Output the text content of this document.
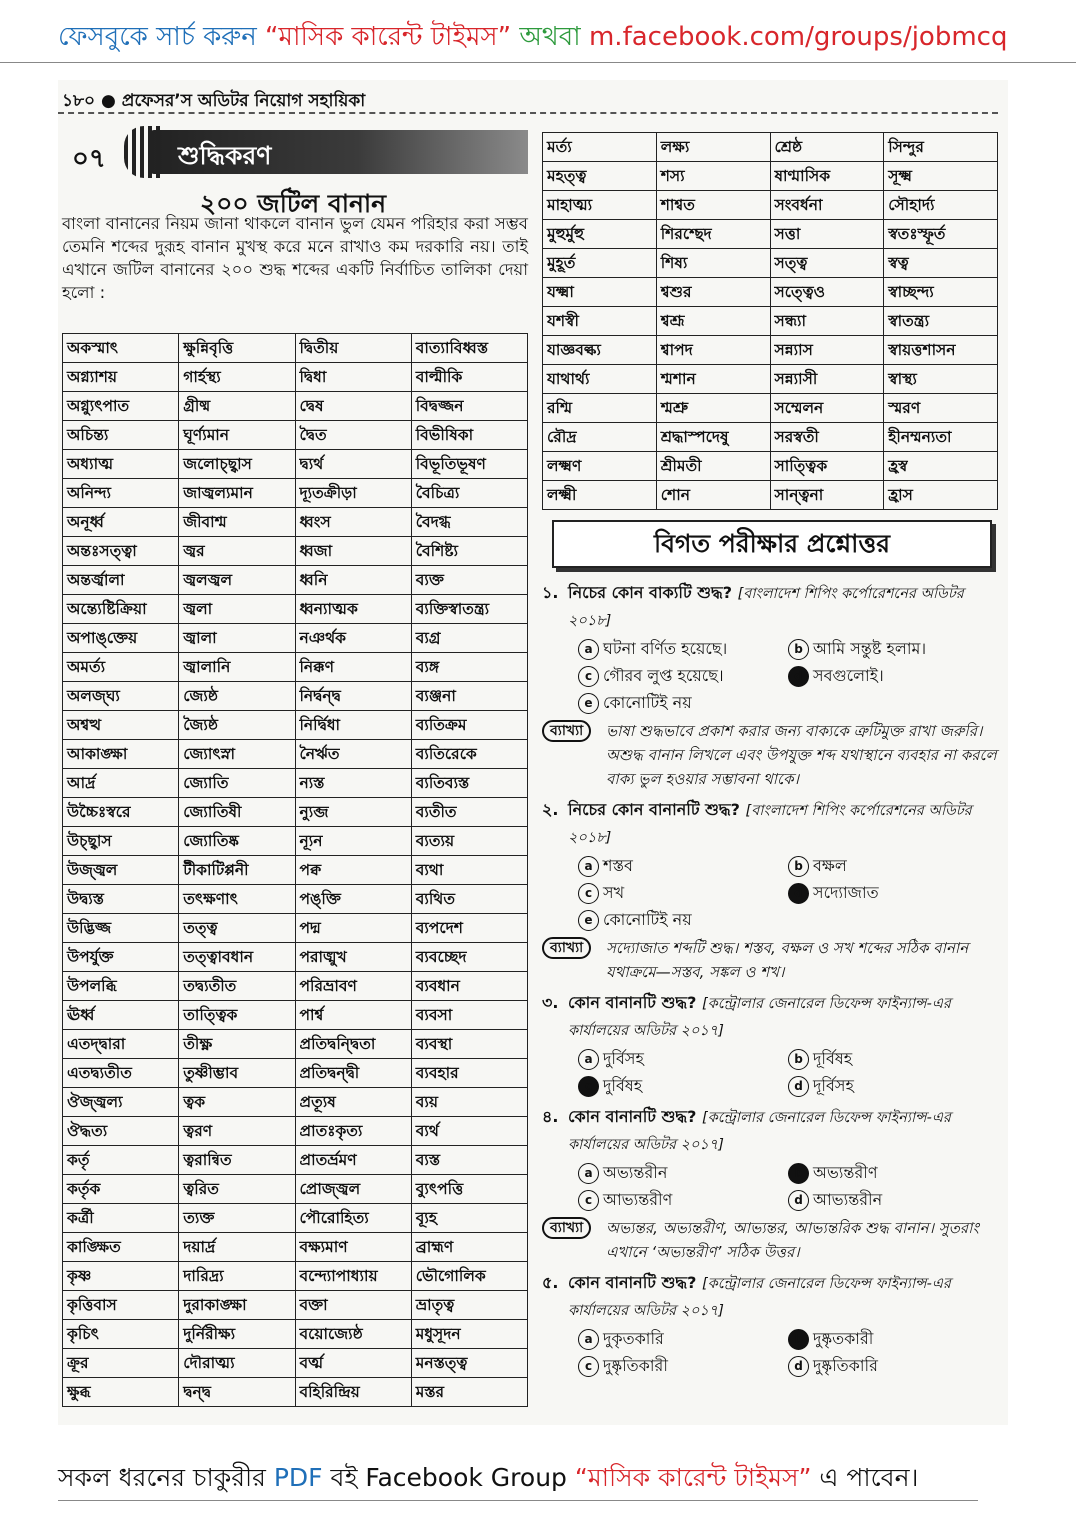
ফেসবুকে সার্চ করুন “মাসিক কারেন্ট টাইমস” অথবা m.facebook.com/groups/jobmcq
১৮০ ● প্রফেসর’স অডিটর নিয়োগ সহায়িকা
০৭	শুদ্ধিকরণ
২০০ জটিল বানান
বাংলা বানানের নিয়ম জানা থাকলে বানান ভুল যেমন পরিহার করা সম্ভব তেমনি শব্দের দুরূহ বানান মুখস্থ করে মনে রাখাও কম দরকারি নয়। তাই এখানে জটিল বানানের ২০০ শুদ্ধ শব্দের একটি নির্বাচিত তালিকা দেয়া হলো :
অকস্মাৎ	ক্ষুন্নিবৃত্তি	দ্বিতীয়	বাত্যাবিধ্বস্ত
অগ্ন্যাশয়	গার্হস্থ্য	দ্বিধা	বাল্মীকি
অগ্ন্যুৎপাত	গ্রীষ্ম	দ্বেষ	বিদ্বজ্জন
অচিন্ত্য	ঘূর্ণ্যমান	দ্বৈত	বিভীষিকা
অধ্যাত্ম	জলোচ্ছ্বাস	দ্ব্যর্থ	বিভূতিভূষণ
অনিন্দ্য	জাজ্বল্যমান	দ্যূতক্রীড়া	বৈচিত্র্য
অনূর্ধ্ব	জীবাশ্ম	ধ্বংস	বৈদগ্ধ
অন্তঃসত্ত্বা	জ্বর	ধ্বজা	বৈশিষ্ট্য
অন্তর্জ্বালা	জ্বলজ্বল	ধ্বনি	ব্যক্ত
অন্ত্যেষ্টিক্রিয়া	জ্বলা	ধ্বন্যাত্মক	ব্যক্তিস্বাতন্ত্র্য
অপাঙ্‌ক্তেয়	জ্বালা	নঞর্থক	ব্যগ্র
অমর্ত্য	জ্বালানি	নিক্কণ	ব্যঙ্গ
অলজ্ঘ্য	জ্যেষ্ঠ	নির্দ্বন্দ্ব	ব্যঞ্জনা
অশ্বত্থ	জ্যৈষ্ঠ	নির্দ্বিধা	ব্যতিক্রম
আকাঙ্ক্ষা	জ্যোৎস্না	নৈর্ঋত	ব্যতিরেকে
আর্দ্র	জ্যোতি	ন্যস্ত	ব্যতিব্যস্ত
উচ্চৈঃস্বরে	জ্যোতিষী	ন্যুব্জ	ব্যতীত
উচ্ছ্বাস	জ্যোতিষ্ক	ন্যূন	ব্যত্যয়
উজ্জ্বল	টীকাটিপ্পনী	পক্ব	ব্যথা
উদ্ব্যস্ত	তৎক্ষণাৎ	পঙ্‌ক্তি	ব্যথিত
উদ্ভিজ্জ	তত্ত্ব	পদ্ম	ব্যপদেশ
উপর্যুক্ত	তত্ত্বাবধান	পরাঙ্মুখ	ব্যবচ্ছেদ
উপলব্ধি	তদ্ব্যতীত	পরিভ্রাবণ	ব্যবধান
ঊর্ধ্ব	তাত্ত্বিক	পার্শ্ব	ব্যবসা
এতদ্দ্বারা	তীক্ষ্ণ	প্রতিদ্বন্দ্বিতা	ব্যবস্থা
এতদ্ব্যতীত	তুষ্ণীম্ভাব	প্রতিদ্বন্দ্বী	ব্যবহার
ঔজ্জ্বল্য	ত্বক	প্রত্যূষ	ব্যয়
ঔদ্ধত্য	ত্বরণ	প্রাতঃকৃত্য	ব্যর্থ
কর্তৃ	ত্বরান্বিত	প্রাতর্ভ্রমণ	ব্যস্ত
কর্তৃক	ত্বরিত	প্রোজ্জ্বল	ব্যুৎপত্তি
কর্ত্রী	ত্যক্ত	পৌরোহিত্য	ব্যূহ
কাঙ্ক্ষিত	দয়ার্দ্র	বক্ষ্যমাণ	ব্রাহ্মণ
কৃষ্ণ	দারিদ্র্য	বন্দ্যোপাধ্যায়	ভৌগোলিক
কৃত্তিবাস	দুরাকাঙ্ক্ষা	বক্তা	ভ্রাতৃত্ব
কৃচিৎ	দুর্নিরীক্ষ্য	বয়োজ্যেষ্ঠ	মধুসূদন
ক্রূর	দৌরাত্ম্য	বর্ত্ম	মনস্তত্ত্ব
ক্ষুব্ধ	দ্বন্দ্ব	বহিরিন্দ্রিয়	মস্তর
মর্ত্য	লক্ষ্য	শ্রেষ্ঠ	সিন্দুর
মহত্ত্ব	শস্য	ষাণ্মাসিক	সূক্ষ্ম
মাহাত্ম্য	শাশ্বত	সংবর্ধনা	সৌহার্দ্য
মুহুর্মুহু	শিরশ্ছেদ	সত্তা	স্বতঃস্ফূর্ত
মুহূর্ত	শিষ্য	সত্ত্ব	স্বত্ব
যক্ষ্মা	শ্বশুর	সত্ত্বেও	স্বাচ্ছন্দ্য
যশস্বী	শ্বশ্রূ	সন্ধ্যা	স্বাতন্ত্র্য
যাজ্ঞবল্ক্য	শ্বাপদ	সন্ন্যাস	স্বায়ত্তশাসন
যাথার্থ্য	শ্মশান	সন্ন্যাসী	স্বাস্থ্য
রশ্মি	শ্মশ্রু	সম্মেলন	স্মরণ
রৌদ্র	শ্রদ্ধাস্পদেষু	সরস্বতী	হীনম্মন্যতা
লক্ষ্মণ	শ্রীমতী	সাত্ত্বিক	হ্রস্ব
লক্ষ্মী	শোন	সান্ত্বনা	হ্রাস
বিগত পরীক্ষার প্রশ্নোত্তর
১. নিচের কোন বাক্যটি শুদ্ধ? [বাংলাদেশ শিপিং কর্পোরেশনের অডিটর ২০১৮]
a ঘটনা বর্ণিত হয়েছে।	b আমি সন্তুষ্ট হলাম।
c গৌরব লুপ্ত হয়েছে।	d সবগুলোই।
e কোনোটিই নয়
ব্যাখ্যা	ভাষা শুদ্ধভাবে প্রকাশ করার জন্য বাক্যকে ত্রুটিমুক্ত রাখা জরুরি। অশুদ্ধ বানান লিখলে এবং উপযুক্ত শব্দ যথাস্থানে ব্যবহার না করলে বাক্য ভুল হওয়ার সম্ভাবনা থাকে।
২. নিচের কোন বানানটি শুদ্ধ? [বাংলাদেশ শিপিং কর্পোরেশনের অডিটর ২০১৮]
a শস্তব	b বক্ষল
c সখ	d সদ্যোজাত
e কোনোটিই নয়
ব্যাখ্যা	সদ্যোজাত শব্দটি শুদ্ধ। শস্তব, বক্ষল ও সখ শব্দের সঠিক বানান যথাক্রমে—সস্তব, সঙ্কল ও শখ।
৩. কোন বানানটি শুদ্ধ? [কন্ট্রোলার জেনারেল ডিফেন্স ফাইন্যান্স-এর কার্যালয়ের অডিটর ২০১৭]
a দুর্বিসহ	b দূর্বিষহ
c দুর্বিষহ	d দূর্বিসহ
৪. কোন বানানটি শুদ্ধ? [কন্ট্রোলার জেনারেল ডিফেন্স ফাইন্যান্স-এর কার্যালয়ের অডিটর ২০১৭]
a অভ্যন্তরীন	b অভ্যন্তরীণ
c আভ্যন্তরীণ	d আভ্যন্তরীন
ব্যাখ্যা	অভ্যন্তর, অভ্যন্তরীণ, আভ্যন্তর, আভ্যন্তরিক শুদ্ধ বানান। সুতরাং এখানে ‘অভ্যন্তরীণ’ সঠিক উত্তর।
৫. কোন বানানটি শুদ্ধ? [কন্ট্রোলার জেনারেল ডিফেন্স ফাইন্যান্স-এর কার্যালয়ের অডিটর ২০১৭]
a দুকৃতকারি	b দুষ্কৃতকারী
c দুষ্কৃতিকারী	d দুষ্কৃতিকারি
সকল ধরনের চাকুরীর PDF বই Facebook Group “মাসিক কারেন্ট টাইমস” এ পাবেন।
